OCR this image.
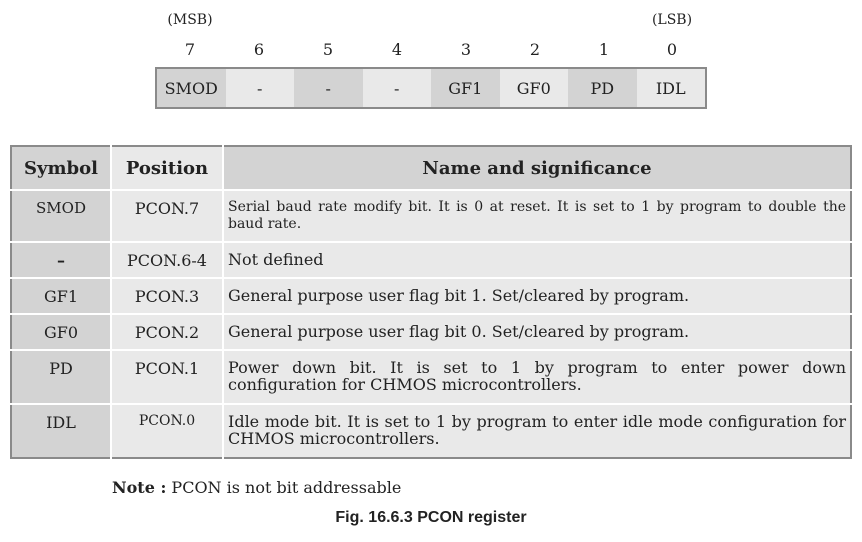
(MSB)	(LSB)
7	6	5	4	3	2	1	0
SMOD	-	-	-	GF1	GF0	PD	IDL
Symbol	Position	Name and significance
SMOD	PCON.7	Serial baud rate modify bit. It is 0 at reset. It is set to 1 by program to double the baud rate.
–	PCON.6-4	Not defined
GF1	PCON.3	General purpose user flag bit 1. Set/cleared by program.
GF0	PCON.2	General purpose user flag bit 0. Set/cleared by program.
PD	PCON.1	Power down bit. It is set to 1 by program to enter power down configuration for CHMOS microcontrollers.
IDL	PCON.0	Idle mode bit. It is set to 1 by program to enter idle mode configuration for CHMOS microcontrollers.
Note : PCON is not bit addressable
Fig. 16.6.3 PCON register
